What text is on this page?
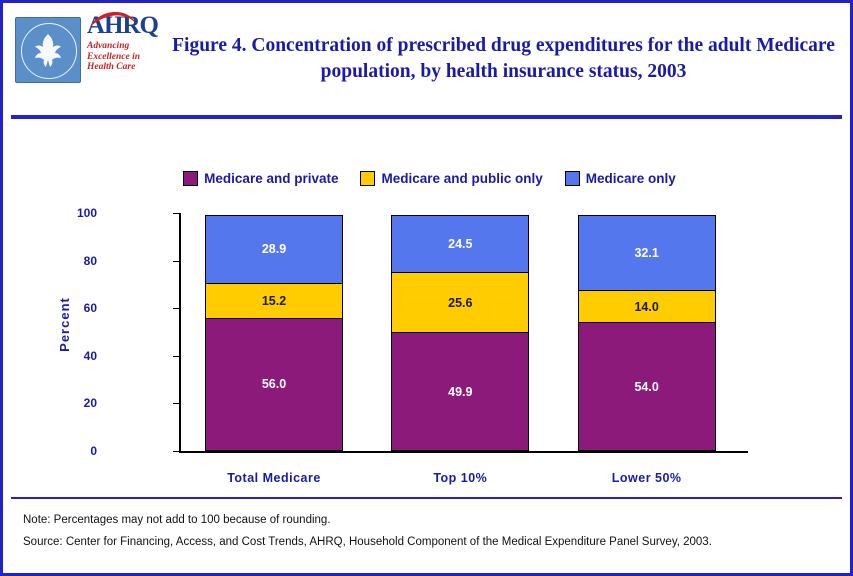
AHRQ
Advancing
Excellence in
Health Care
Figure 4. Concentration of prescribed drug expenditures for the adult Medicare population, by health insurance status, 2003
Medicare and private	Medicare and public only	Medicare only
Percent
0
20
40
60
80
100
28.9
15.2
56.0
Total Medicare
24.5
25.6
49.9
Top 10%
32.1
14.0
54.0
Lower 50%
Note: Percentages may not add to 100 because of rounding.
Source: Center for Financing, Access, and Cost Trends, AHRQ, Household Component of the Medical Expenditure Panel Survey, 2003.
